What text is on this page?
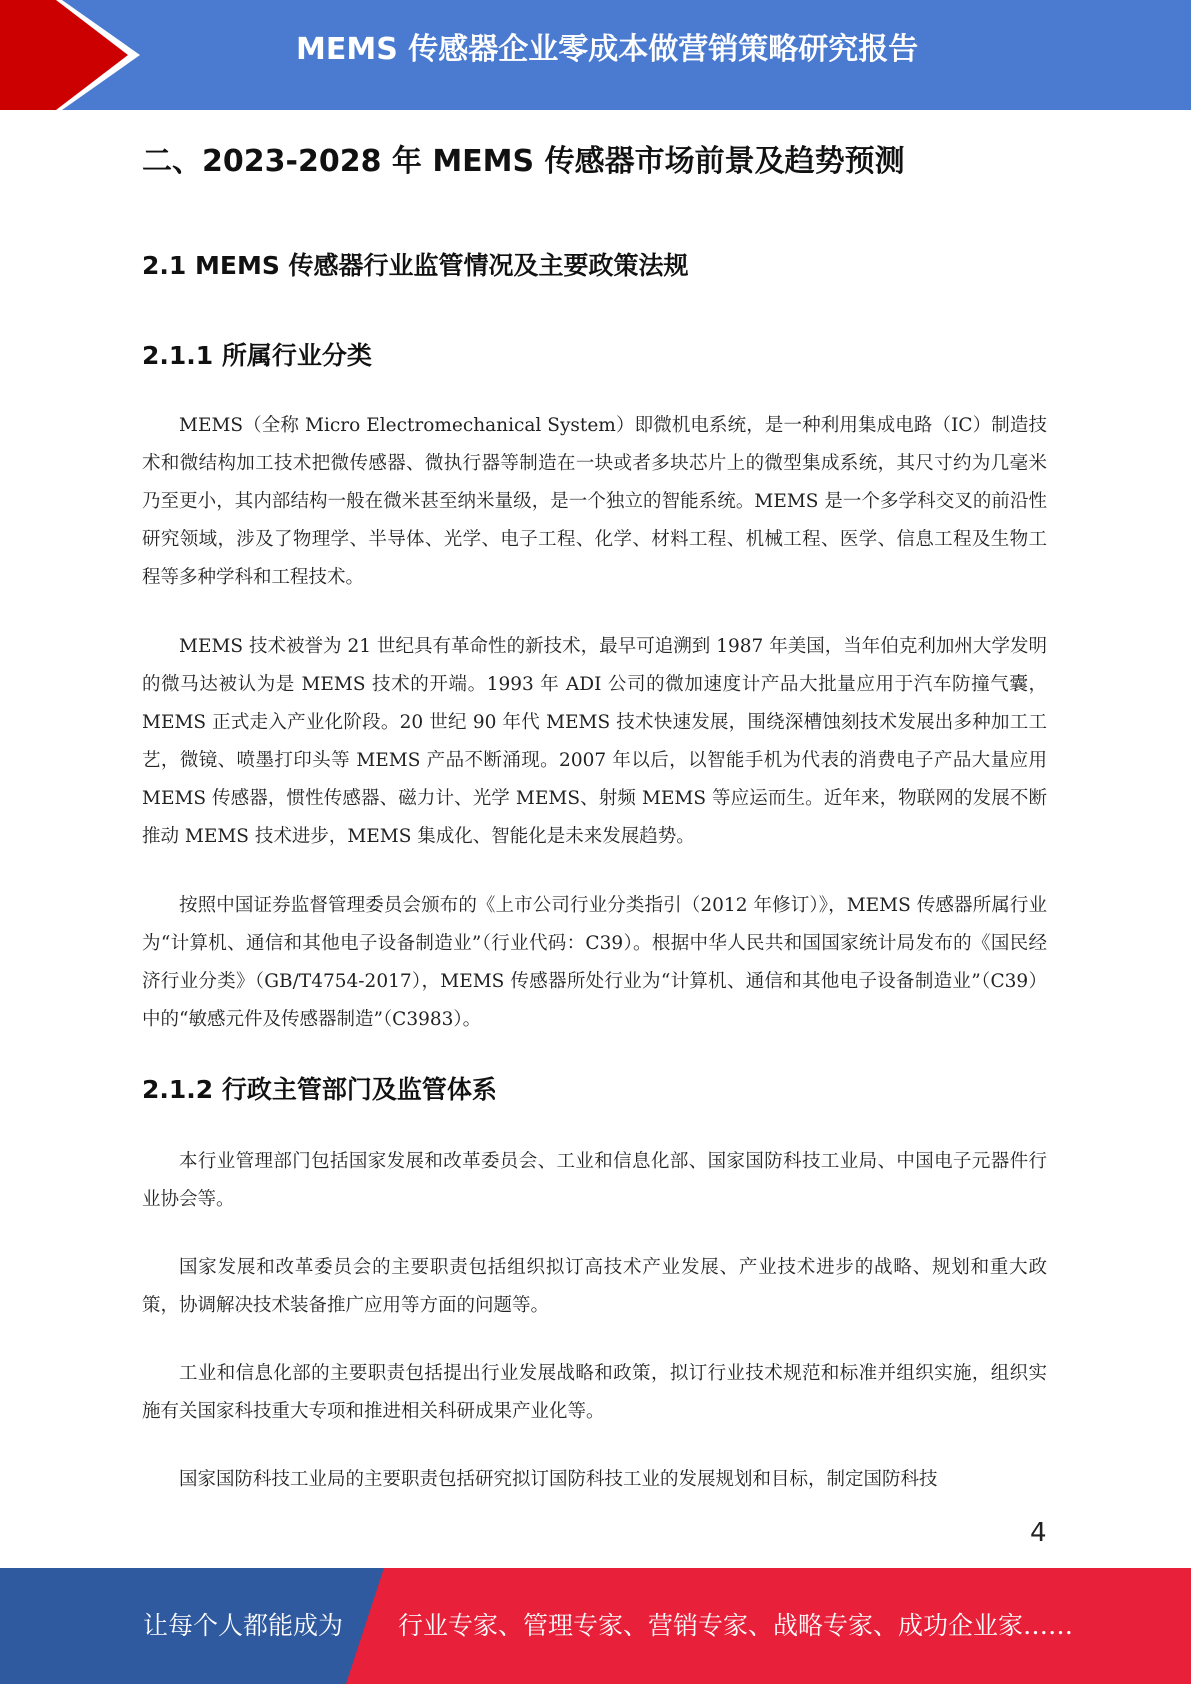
MEMS 传感器企业零成本做营销策略研究报告
二、2023-2028 年 MEMS 传感器市场前景及趋势预测
2.1 MEMS 传感器行业监管情况及主要政策法规
2.1.1 所属行业分类

MEMS（全称 Micro Electromechanical System）即微机电系统，是一种利用集成电路（IC）制造技术和微结构加工技术把微传感器、微执行器等制造在一块或者多块芯片上的微型集成系统，其尺寸约为几毫米乃至更小，其内部结构一般在微米甚至纳米量级，是一个独立的智能系统。MEMS 是一个多学科交叉的前沿性研究领域，涉及了物理学、半导体、光学、电子工程、化学、材料工程、机械工程、医学、信息工程及生物工程等多种学科和工程技术。

MEMS 技术被誉为 21 世纪具有革命性的新技术，最早可追溯到 1987 年美国，当年伯克利加州大学发明的微马达被认为是 MEMS 技术的开端。1993 年 ADI 公司的微加速度计产品大批量应用于汽车防撞气囊，MEMS 正式走入产业化阶段。20 世纪 90 年代 MEMS 技术快速发展，围绕深槽蚀刻技术发展出多种加工工艺，微镜、喷墨打印头等 MEMS 产品不断涌现。2007 年以后，以智能手机为代表的消费电子产品大量应用 MEMS 传感器，惯性传感器、磁力计、光学 MEMS、射频 MEMS 等应运而生。近年来，物联网的发展不断推动 MEMS 技术进步，MEMS 集成化、智能化是未来发展趋势。

按照中国证券监督管理委员会颁布的《上市公司行业分类指引（2012 年修订）》，MEMS 传感器所属行业为“计算机、通信和其他电子设备制造业”（行业代码：C39）。根据中华人民共和国国家统计局发布的《国民经济行业分类》（GB/T4754-2017），MEMS 传感器所处行业为“计算机、通信和其他电子设备制造业”（C39）中的“敏感元件及传感器制造”（C3983）。

2.1.2 行政主管部门及监管体系

本行业管理部门包括国家发展和改革委员会、工业和信息化部、国家国防科技工业局、中国电子元器件行业协会等。

国家发展和改革委员会的主要职责包括组织拟订高技术产业发展、产业技术进步的战略、规划和重大政策，协调解决技术装备推广应用等方面的问题等。

工业和信息化部的主要职责包括提出行业发展战略和政策，拟订行业技术规范和标准并组织实施，组织实施有关国家科技重大专项和推进相关科研成果产业化等。

国家国防科技工业局的主要职责包括研究拟订国防科技工业的发展规划和目标，制定国防科技

4
让每个人都能成为 行业专家、管理专家、营销专家、战略专家、成功企业家……
